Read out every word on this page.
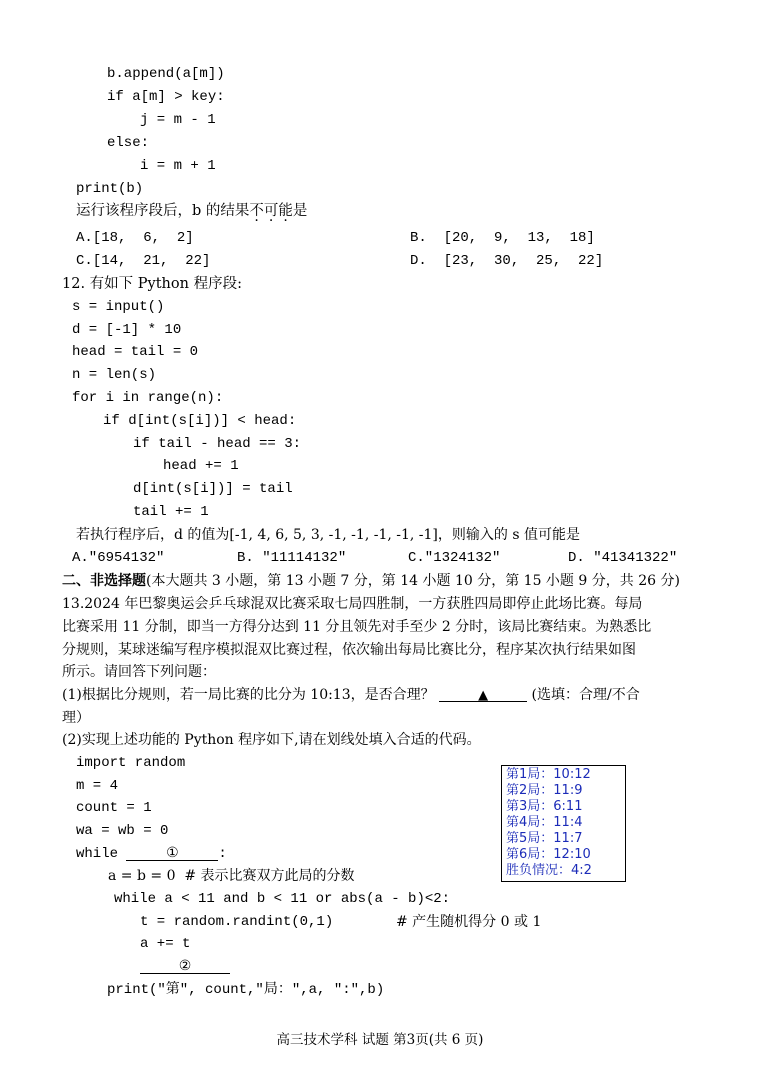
b.append(a[m])
if a[m] > key:
j = m - 1
else:
i = m + 1
print(b)
运行该程序段后，b 的结果不可能是
A.[18,  6,  2]	B.  [20,  9,  13,  18]
C.[14,  21,  22]	D.  [23,  30,  25,  22]
12. 有如下 Python 程序段:
s = input()
d = [-1] * 10
head = tail = 0
n = len(s)
for i in range(n):
if d[int(s[i])] < head:
if tail - head == 3:
head += 1
d[int(s[i])] = tail
tail += 1
若执行程序后，d 的值为[-1, 4, 6, 5, 3, -1, -1, -1, -1, -1]，则输入的 s 值可能是
A."6954132"	B. "11114132"	C."1324132"	D. "41341322"
二、非选择题(本大题共 3 小题，第 13 小题 7 分，第 14 小题 10 分，第 15 小题 9 分，共 26 分)
13.2024 年巴黎奥运会乒乓球混双比赛采取七局四胜制，一方获胜四局即停止此场比赛。每局
比赛采用 11 分制，即当一方得分达到 11 分且领先对手至少 2 分时，该局比赛结束。为熟悉比
分规则，某球迷编写程序模拟混双比赛过程，依次输出每局比赛比分，程序某次执行结果如图
所示。请回答下列问题：
(1)根据比分规则，若一局比赛的比分为 10:13，是否合理？	▲	(选填：合理/不合
理）
(2)实现上述功能的 Python 程序如下,请在划线处填入合适的代码。
import random
m = 4
count = 1
wa = wb = 0
while	①	:
a = b = 0  # 表示比赛双方此局的分数
while a < 11 and b < 11 or abs(a - b)<2:
t = random.randint(0,1)	# 产生随机得分 0 或 1
a += t
②
print("第", count,"局：",a, ":",b)
第1局：10:12
第2局：11:9
第3局：6:11
第4局：11:4
第5局：11:7
第6局：12:10
胜负情况：4:2
高三技术学科 试题 第3页(共 6 页)
